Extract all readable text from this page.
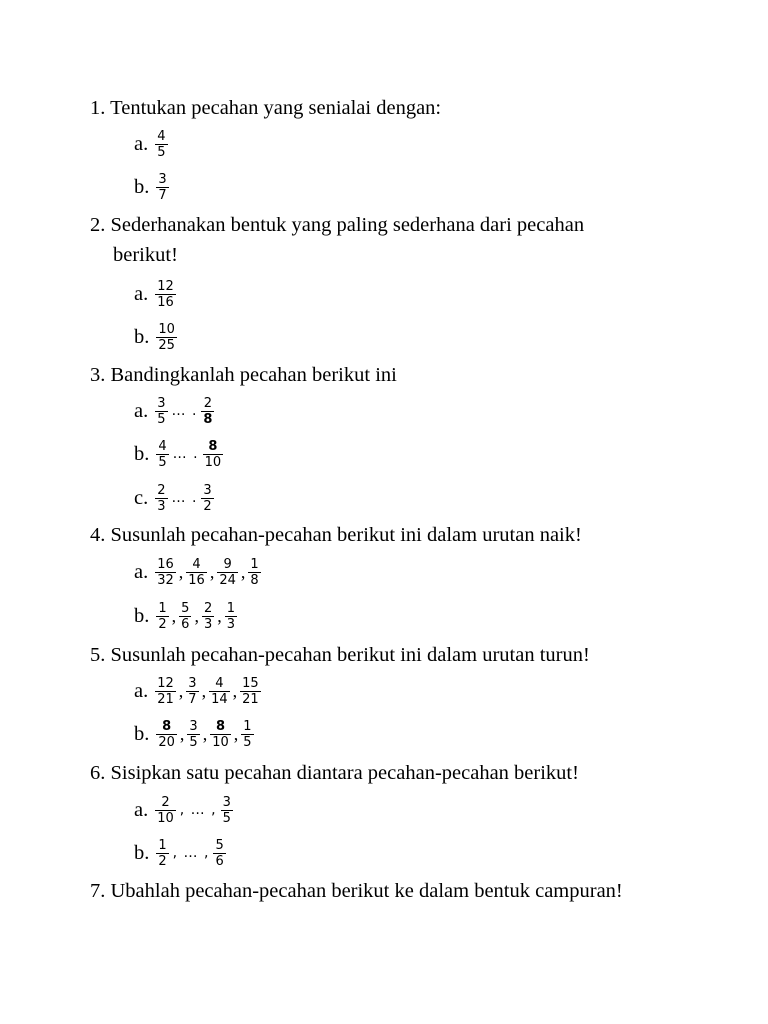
1. Tentukan pecahan yang senialai dengan:
a. $\frac{4}{5}$
b. $\frac{3}{7}$
2. Sederhanakan bentuk yang paling sederhana dari pecahan
berikut!
a. $\frac{12}{16}$
b. $\frac{10}{25}$
3. Bandingkanlah pecahan berikut ini
a. $\frac{3}{5}$ … . $\frac{2}{8}$
b. $\frac{4}{5}$ … . $\frac{8}{10}$
c. $\frac{2}{3}$ … . $\frac{3}{2}$
4. Susunlah pecahan-pecahan berikut ini dalam urutan naik!
a. $\frac{16}{32}$ , $\frac{4}{16}$ , $\frac{9}{24}$ , $\frac{1}{8}$
b. $\frac{1}{2}$ , $\frac{5}{6}$ , $\frac{2}{3}$ , $\frac{1}{3}$
5. Susunlah pecahan-pecahan berikut ini dalam urutan turun!
a. $\frac{12}{21}$ , $\frac{3}{7}$ , $\frac{4}{14}$ , $\frac{15}{21}$
b. $\frac{8}{20}$ , $\frac{3}{5}$ , $\frac{8}{10}$ , $\frac{1}{5}$
6. Sisipkan satu pecahan diantara pecahan-pecahan berikut!
a. $\frac{2}{10}$ , … , $\frac{3}{5}$
b. $\frac{1}{2}$ , … , $\frac{5}{6}$
7. Ubahlah pecahan-pecahan berikut ke dalam bentuk campuran!
